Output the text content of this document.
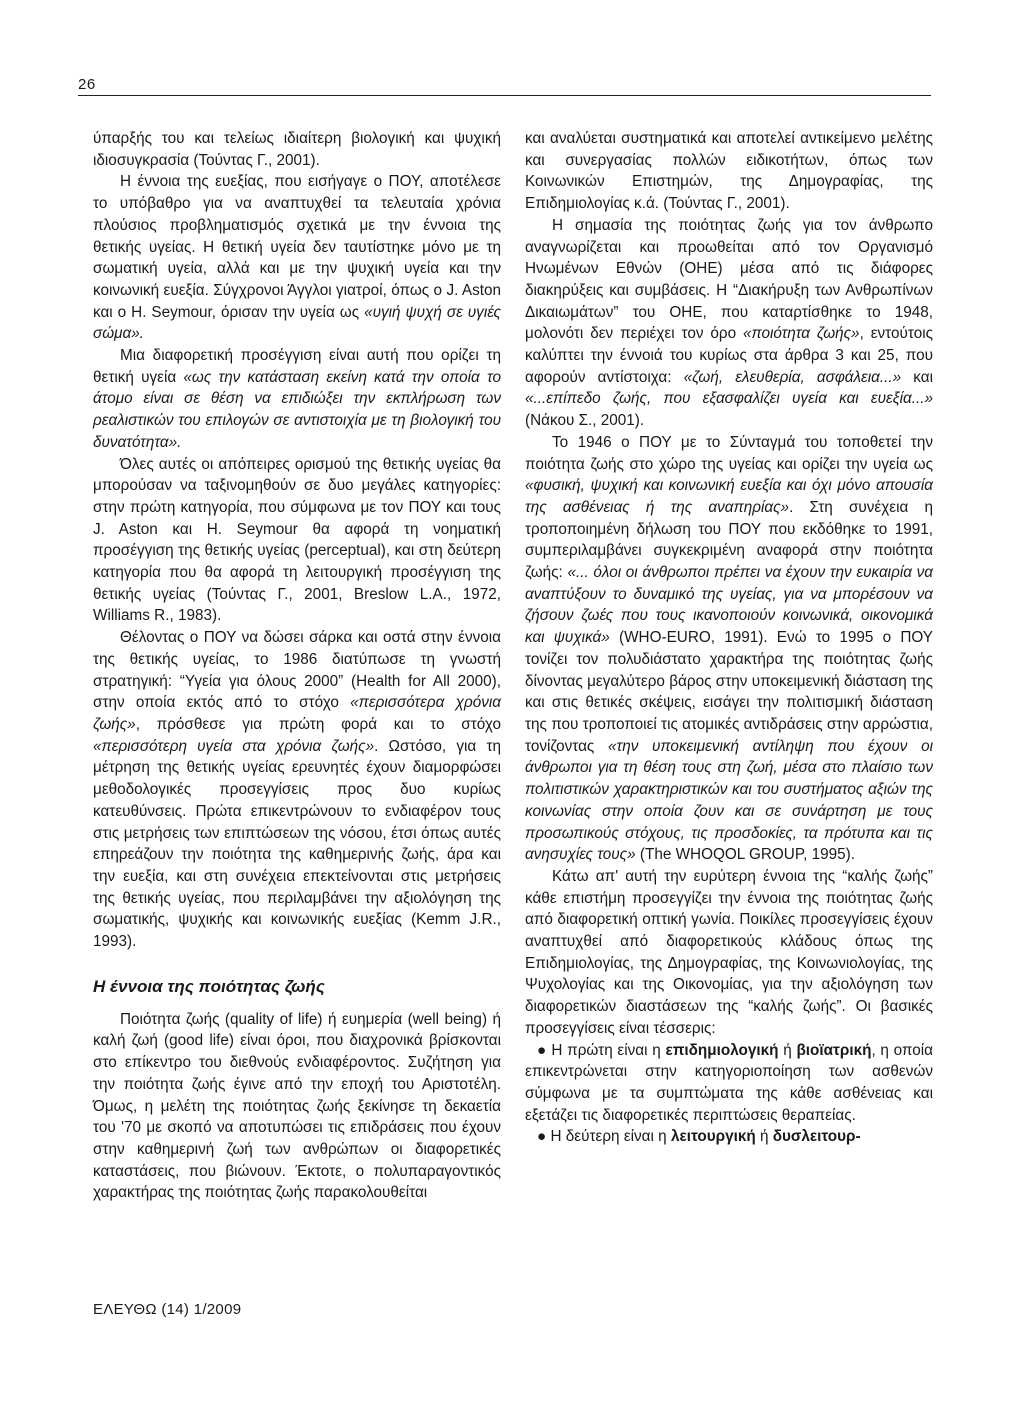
26

ύπαρξής του και τελείως ιδιαίτερη βιολογική και ψυχική ιδιοσυγκρασία (Τούντας Γ., 2001).

Η έννοια της ευεξίας, που εισήγαγε ο ΠΟΥ, αποτέλεσε το υπόβαθρο για να αναπτυχθεί τα τελευταία χρόνια πλούσιος προβληματισμός σχετικά με την έννοια της θετικής υγείας. Η θετική υγεία δεν ταυτίστηκε μόνο με τη σωματική υγεία, αλλά και με την ψυχική υγεία και την κοινωνική ευεξία. Σύγχρονοι Άγγλοι γιατροί, όπως ο J. Aston και ο H. Seymour, όρισαν την υγεία ως «υγιή ψυχή σε υγιές σώμα».

Μια διαφορετική προσέγγιση είναι αυτή που ορίζει τη θετική υγεία «ως την κατάσταση εκείνη κατά την οποία το άτομο είναι σε θέση να επιδιώξει την εκπλήρωση των ρεαλιστικών του επιλογών σε αντιστοιχία με τη βιολογική του δυνατότητα».

Όλες αυτές οι απόπειρες ορισμού της θετικής υγείας θα μπορούσαν να ταξινομηθούν σε δυο μεγάλες κατηγορίες: στην πρώτη κατηγορία, που σύμφωνα με τον ΠΟΥ και τους J. Aston και H. Seymour θα αφορά τη νοηματική προσέγγιση της θετικής υγείας (perceptual), και στη δεύτερη κατηγορία που θα αφορά τη λειτουργική προσέγγιση της θετικής υγείας (Τούντας Γ., 2001, Breslow L.A., 1972, Williams R., 1983).

Θέλοντας ο ΠΟΥ να δώσει σάρκα και οστά στην έννοια της θετικής υγείας, το 1986 διατύπωσε τη γνωστή στρατηγική: “Υγεία για όλους 2000” (Health for All 2000), στην οποία εκτός από το στόχο «περισσότερα χρόνια ζωής», πρόσθεσε για πρώτη φορά και το στόχο «περισσότερη υγεία στα χρόνια ζωής». Ωστόσο, για τη μέτρηση της θετικής υγείας ερευνητές έχουν διαμορφώσει μεθοδολογικές προσεγγίσεις προς δυο κυρίως κατευθύνσεις. Πρώτα επικεντρώνουν το ενδιαφέρον τους στις μετρήσεις των επιπτώσεων της νόσου, έτσι όπως αυτές επηρεάζουν την ποιότητα της καθημερινής ζωής, άρα και την ευεξία, και στη συνέχεια επεκτείνονται στις μετρήσεις της θετικής υγείας, που περιλαμβάνει την αξιολόγηση της σωματικής, ψυχικής και κοινωνικής ευεξίας (Kemm J.R., 1993).

Η έννοια της ποιότητας ζωής

Ποιότητα ζωής (quality of life) ή ευημερία (well being) ή καλή ζωή (good life) είναι όροι, που διαχρονικά βρίσκονται στο επίκεντρο του διεθνούς ενδιαφέροντος. Συζήτηση για την ποιότητα ζωής έγινε από την εποχή του Αριστοτέλη. Όμως, η μελέτη της ποιότητας ζωής ξεκίνησε τη δεκαετία του '70 με σκοπό να αποτυπώσει τις επιδράσεις που έχουν στην καθημερινή ζωή των ανθρώπων οι διαφορετικές καταστάσεις, που βιώνουν. Έκτοτε, ο πολυπαραγοντικός χαρακτήρας της ποιότητας ζωής παρακολουθείται

και αναλύεται συστηματικά και αποτελεί αντικείμενο μελέτης και συνεργασίας πολλών ειδικοτήτων, όπως των Κοινωνικών Επιστημών, της Δημογραφίας, της Επιδημιολογίας κ.ά. (Τούντας Γ., 2001).

Η σημασία της ποιότητας ζωής για τον άνθρωπο αναγνωρίζεται και προωθείται από τον Οργανισμό Ηνωμένων Εθνών (ΟΗΕ) μέσα από τις διάφορες διακηρύξεις και συμβάσεις. Η “Διακήρυξη των Ανθρωπίνων Δικαιωμάτων” του ΟΗΕ, που καταρτίσθηκε το 1948, μολονότι δεν περιέχει τον όρο «ποιότητα ζωής», εντούτοις καλύπτει την έννοιά του κυρίως στα άρθρα 3 και 25, που αφορούν αντίστοιχα: «ζωή, ελευθερία, ασφάλεια...» και «...επίπεδο ζωής, που εξασφαλίζει υγεία και ευεξία...» (Νάκου Σ., 2001).

Το 1946 ο ΠΟΥ με το Σύνταγμά του τοποθετεί την ποιότητα ζωής στο χώρο της υγείας και ορίζει την υγεία ως «φυσική, ψυχική και κοινωνική ευεξία και όχι μόνο απουσία της ασθένειας ή της αναπηρίας». Στη συνέχεια η τροποποιημένη δήλωση του ΠΟΥ που εκδόθηκε το 1991, συμπεριλαμβάνει συγκεκριμένη αναφορά στην ποιότητα ζωής: «... όλοι οι άνθρωποι πρέπει να έχουν την ευκαιρία να αναπτύξουν το δυναμικό της υγείας, για να μπορέσουν να ζήσουν ζωές που τους ικανοποιούν κοινωνικά, οικονομικά και ψυχικά» (WHO-EURO, 1991). Ενώ το 1995 ο ΠΟΥ τονίζει τον πολυδιάστατο χαρακτήρα της ποιότητας ζωής δίνοντας μεγαλύτερο βάρος στην υποκειμενική διάσταση της και στις θετικές σκέψεις, εισάγει την πολιτισμική διάσταση της που τροποποιεί τις ατομικές αντιδράσεις στην αρρώστια, τονίζοντας «την υποκειμενική αντίληψη που έχουν οι άνθρωποι για τη θέση τους στη ζωή, μέσα στο πλαίσιο των πολιτιστικών χαρακτηριστικών και του συστήματος αξιών της κοινωνίας στην οποία ζουν και σε συνάρτηση με τους προσωπικούς στόχους, τις προσδοκίες, τα πρότυπα και τις ανησυχίες τους» (The WHOQOL GROUP, 1995).

Κάτω απ' αυτή την ευρύτερη έννοια της “καλής ζωής” κάθε επιστήμη προσεγγίζει την έννοια της ποιότητας ζωής από διαφορετική οπτική γωνία. Ποικίλες προσεγγίσεις έχουν αναπτυχθεί από διαφορετικούς κλάδους όπως της Επιδημιολογίας, της Δημογραφίας, της Κοινωνιολογίας, της Ψυχολογίας και της Οικονομίας, για την αξιολόγηση των διαφορετικών διαστάσεων της “καλής ζωής”. Οι βασικές προσεγγίσεις είναι τέσσερις:

● Η πρώτη είναι η επιδημιολογική ή βιοϊατρική, η οποία επικεντρώνεται στην κατηγοριοποίηση των ασθενών σύμφωνα με τα συμπτώματα της κάθε ασθένειας και εξετάζει τις διαφορετικές περιπτώσεις θεραπείας.

● Η δεύτερη είναι η λειτουργική ή δυσλειτουρ-

ΕΛΕΥΘΩ (14) 1/2009
